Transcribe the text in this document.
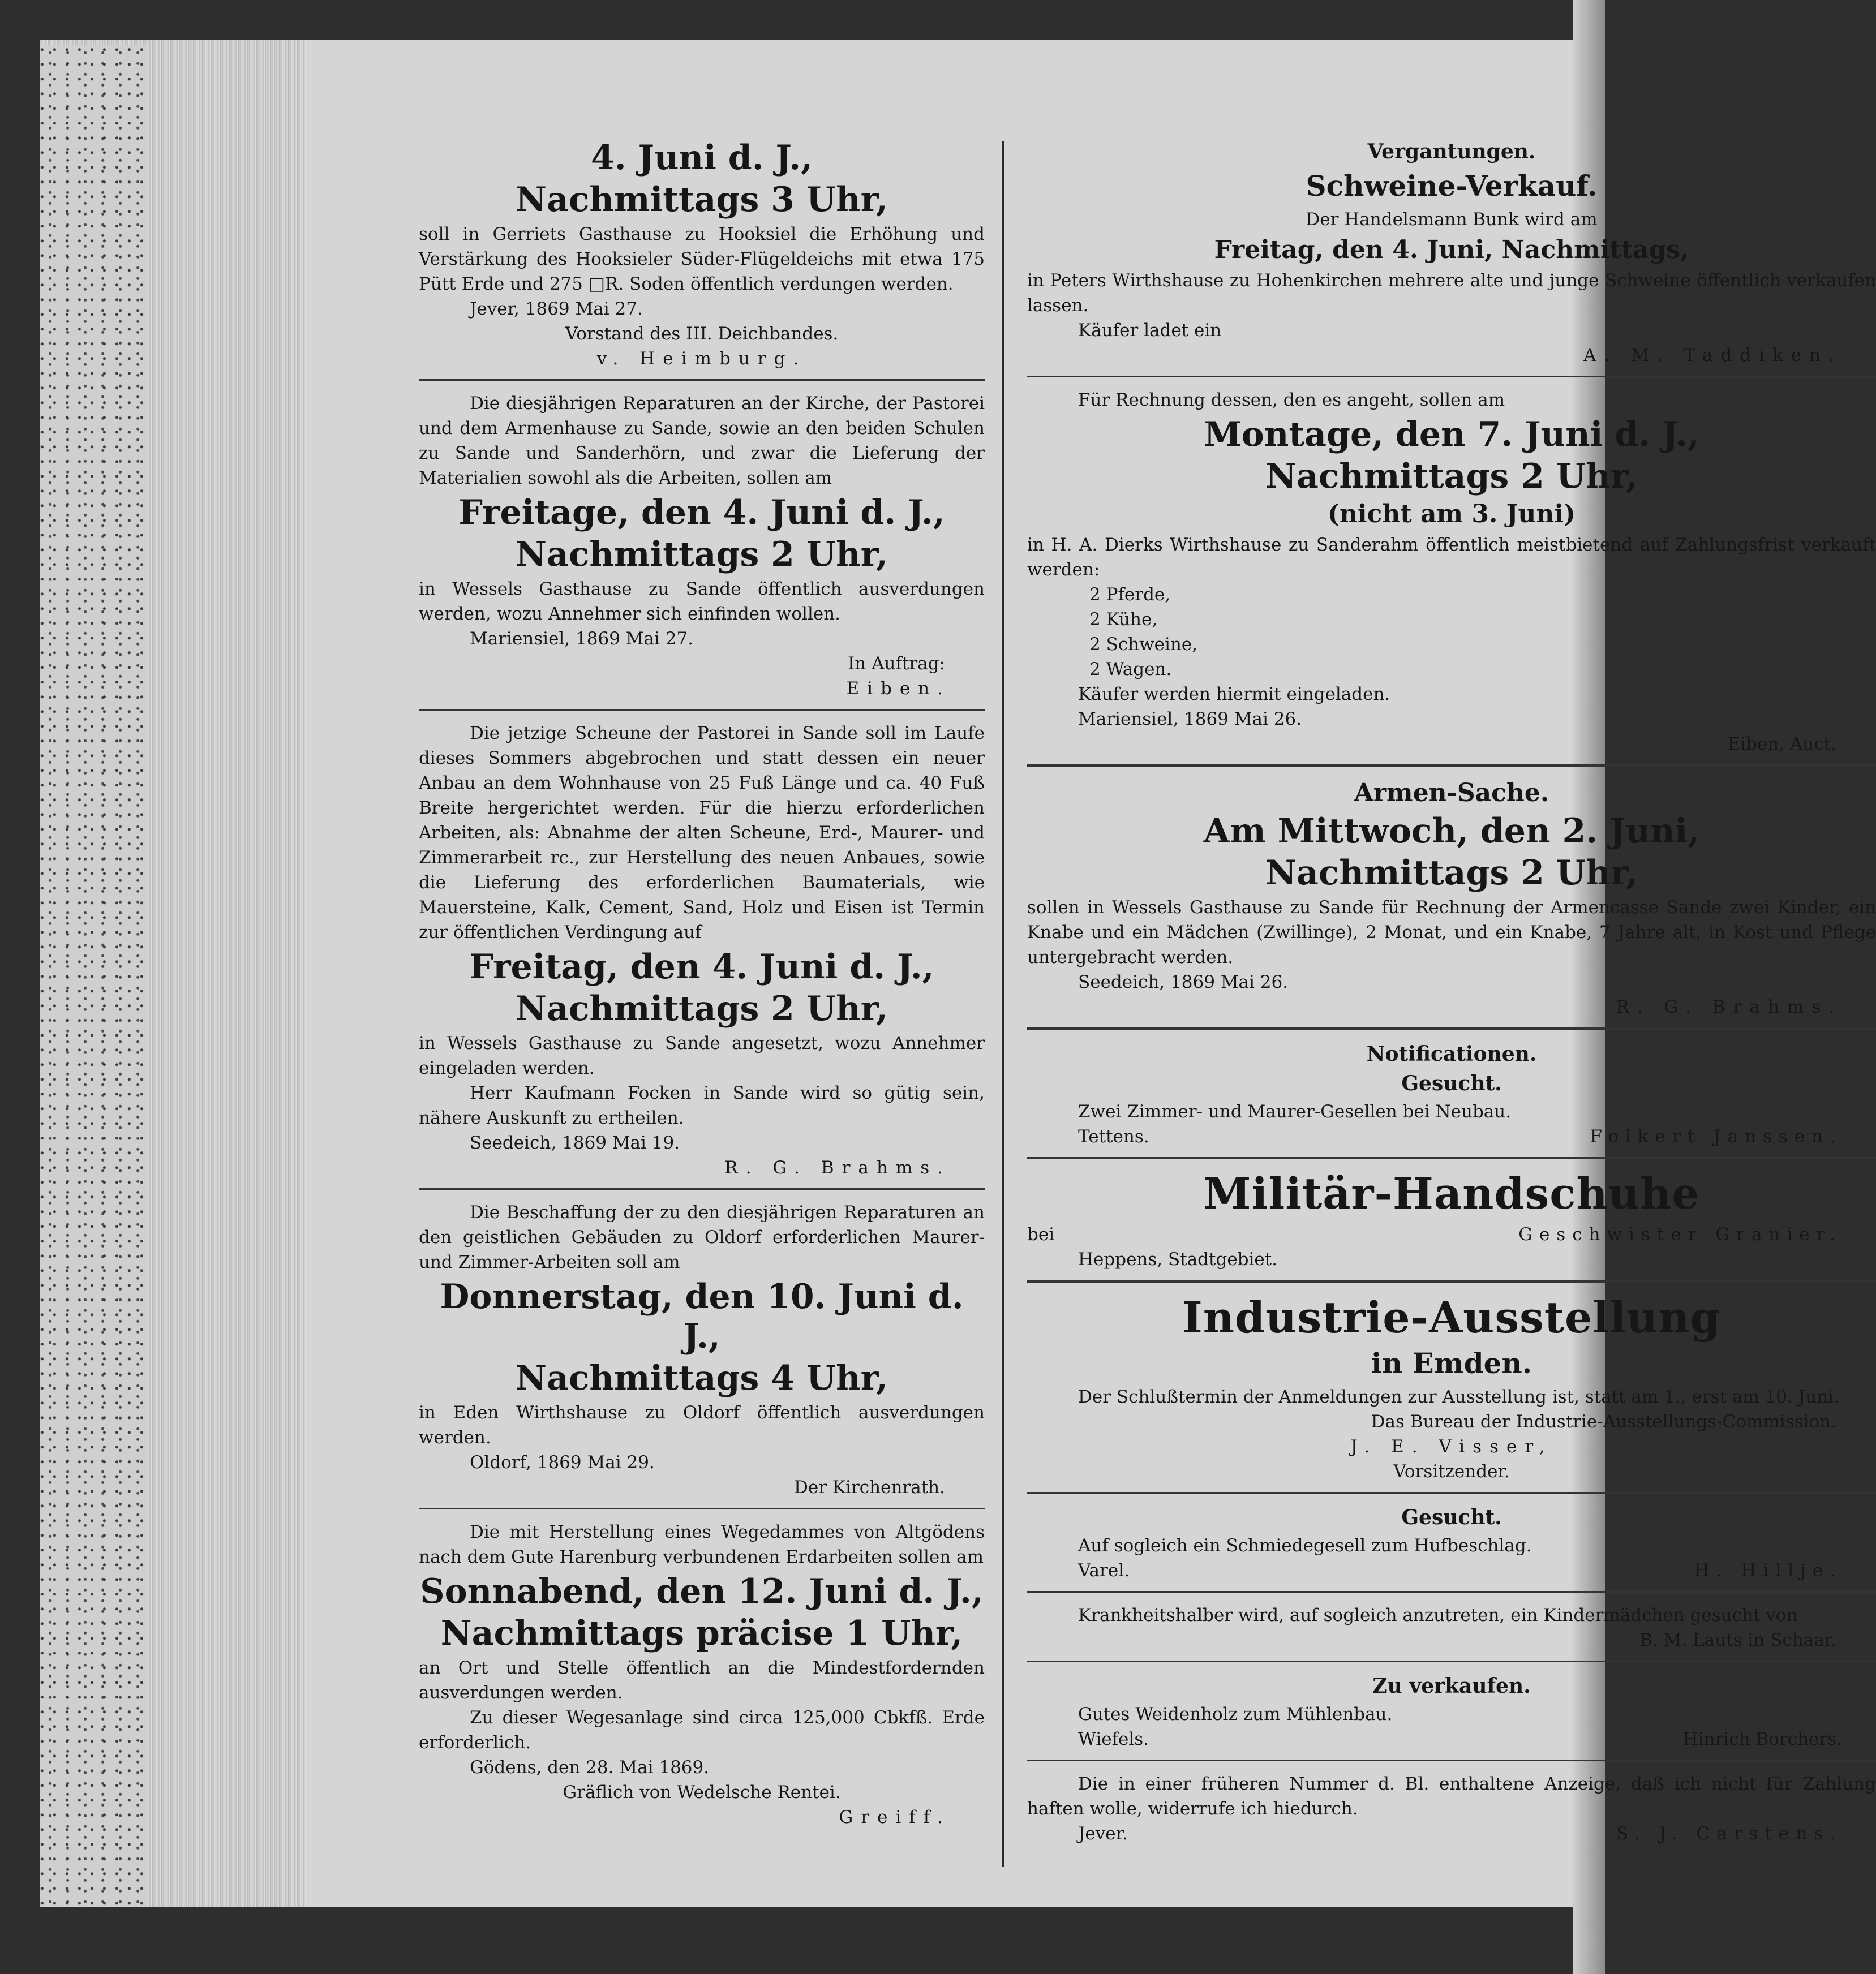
4. Juni d. J.,
Nachmittags 3 Uhr,

soll in Gerriets Gasthause zu Hooksiel die Erhöhung und Verstärkung des Hooksieler Süder-Flügeldeichs mit etwa 175 Pütt Erde und 275 □R. Soden öffentlich verdungen werden.

Jever, 1869 Mai 27.
Vorstand des III. Deichbandes.
v. Heimburg.

Die diesjährigen Reparaturen an der Kirche, der Pastorei und dem Armenhause zu Sande, sowie an den beiden Schulen zu Sande und Sanderhörn, und zwar die Lieferung der Materialien sowohl als die Arbeiten, sollen am

Freitage, den 4. Juni d. J.,
Nachmittags 2 Uhr,

in Wessels Gasthause zu Sande öffentlich ausverdungen werden, wozu Annehmer sich einfinden wollen.

Mariensiel, 1869 Mai 27.
In Auftrag:
Eiben.

Die jetzige Scheune der Pastorei in Sande soll im Laufe dieses Sommers abgebrochen und statt dessen ein neuer Anbau an dem Wohnhause von 25 Fuß Länge und ca. 40 Fuß Breite hergerichtet werden. Für die hierzu erforderlichen Arbeiten, als: Abnahme der alten Scheune, Erd-, Maurer- und Zimmerarbeit rc., zur Herstellung des neuen Anbaues, sowie die Lieferung des erforderlichen Baumaterials, wie Mauersteine, Kalk, Cement, Sand, Holz und Eisen ist Termin zur öffentlichen Verdingung auf

Freitag, den 4. Juni d. J.,
Nachmittags 2 Uhr,

in Wessels Gasthause zu Sande angesetzt, wozu Annehmer eingeladen werden.

Herr Kaufmann Focken in Sande wird so gütig sein, nähere Auskunft zu ertheilen.

Seedeich, 1869 Mai 19.
R. G. Brahms.

Die Beschaffung der zu den diesjährigen Reparaturen an den geistlichen Gebäuden zu Oldorf erforderlichen Maurer- und Zimmer-Arbeiten soll am

Donnerstag, den 10. Juni d. J.,
Nachmittags 4 Uhr,

in Eden Wirthshause zu Oldorf öffentlich ausverdungen werden.

Oldorf, 1869 Mai 29.
Der Kirchenrath.

Die mit Herstellung eines Wegedammes von Altgödens nach dem Gute Harenburg verbundenen Erdarbeiten sollen am

Sonnabend, den 12. Juni d. J.,
Nachmittags präcise 1 Uhr,

an Ort und Stelle öffentlich an die Mindestfordernden ausverdungen werden.

Zu dieser Wegesanlage sind circa 125,000 Cbkfß. Erde erforderlich.

Gödens, den 28. Mai 1869.
Gräflich von Wedelsche Rentei.
Greiff.
Vergantungen.
Schweine-Verkauf.
Der Handelsmann Bunk wird am
Freitag, den 4. Juni, Nachmittags,

in Peters Wirthshause zu Hohenkirchen mehrere alte und junge Schweine öffentlich verkaufen lassen.

Käufer ladet ein
A. M. Taddiken.

Für Rechnung dessen, den es angeht, sollen am

Montage, den 7. Juni d. J.,
Nachmittags 2 Uhr,
(nicht am 3. Juni)

in H. A. Dierks Wirthshause zu Sanderahm öffentlich meistbietend auf Zahlungsfrist verkauft werden:

2 Pferde,
2 Kühe,
2 Schweine,
2 Wagen.
Käufer werden hiermit eingeladen.
Mariensiel, 1869 Mai 26.
Eiben, Auct.
Armen-Sache.
Am Mittwoch, den 2. Juni,
Nachmittags 2 Uhr,

sollen in Wessels Gasthause zu Sande für Rechnung der Armencasse Sande zwei Kinder, ein Knabe und ein Mädchen (Zwillinge), 2 Monat, und ein Knabe, 7 Jahre alt, in Kost und Pflege untergebracht werden.

Seedeich, 1869 Mai 26.
R. G. Brahms.
Notificationen.
Gesucht.
Zwei Zimmer- und Maurer-Gesellen bei Neubau.
Tettens.	Folkert Janssen.
Militär-Handschuhe
bei	Geschwister Granier.
Heppens, Stadtgebiet.
Industrie-Ausstellung
in Emden.

Der Schlußtermin der Anmeldungen zur Ausstellung ist, statt am 1., erst am 10. Juni.

Das Bureau der Industrie-Ausstellungs-Commission.
J. E. Visser,
Vorsitzender.
Gesucht.
Auf sogleich ein Schmiedegesell zum Hufbeschlag.
Varel.	H. Hillje.

Krankheitshalber wird, auf sogleich anzutreten, ein Kindermädchen gesucht von

B. M. Lauts in Schaar.
Zu verkaufen.
Gutes Weidenholz zum Mühlenbau.
Wiefels.	Hinrich Borchers.

Die in einer früheren Nummer d. Bl. enthaltene Anzeige, daß ich nicht für Zahlung haften wolle, widerrufe ich hiedurch.

Jever.	S. J. Carstens.
